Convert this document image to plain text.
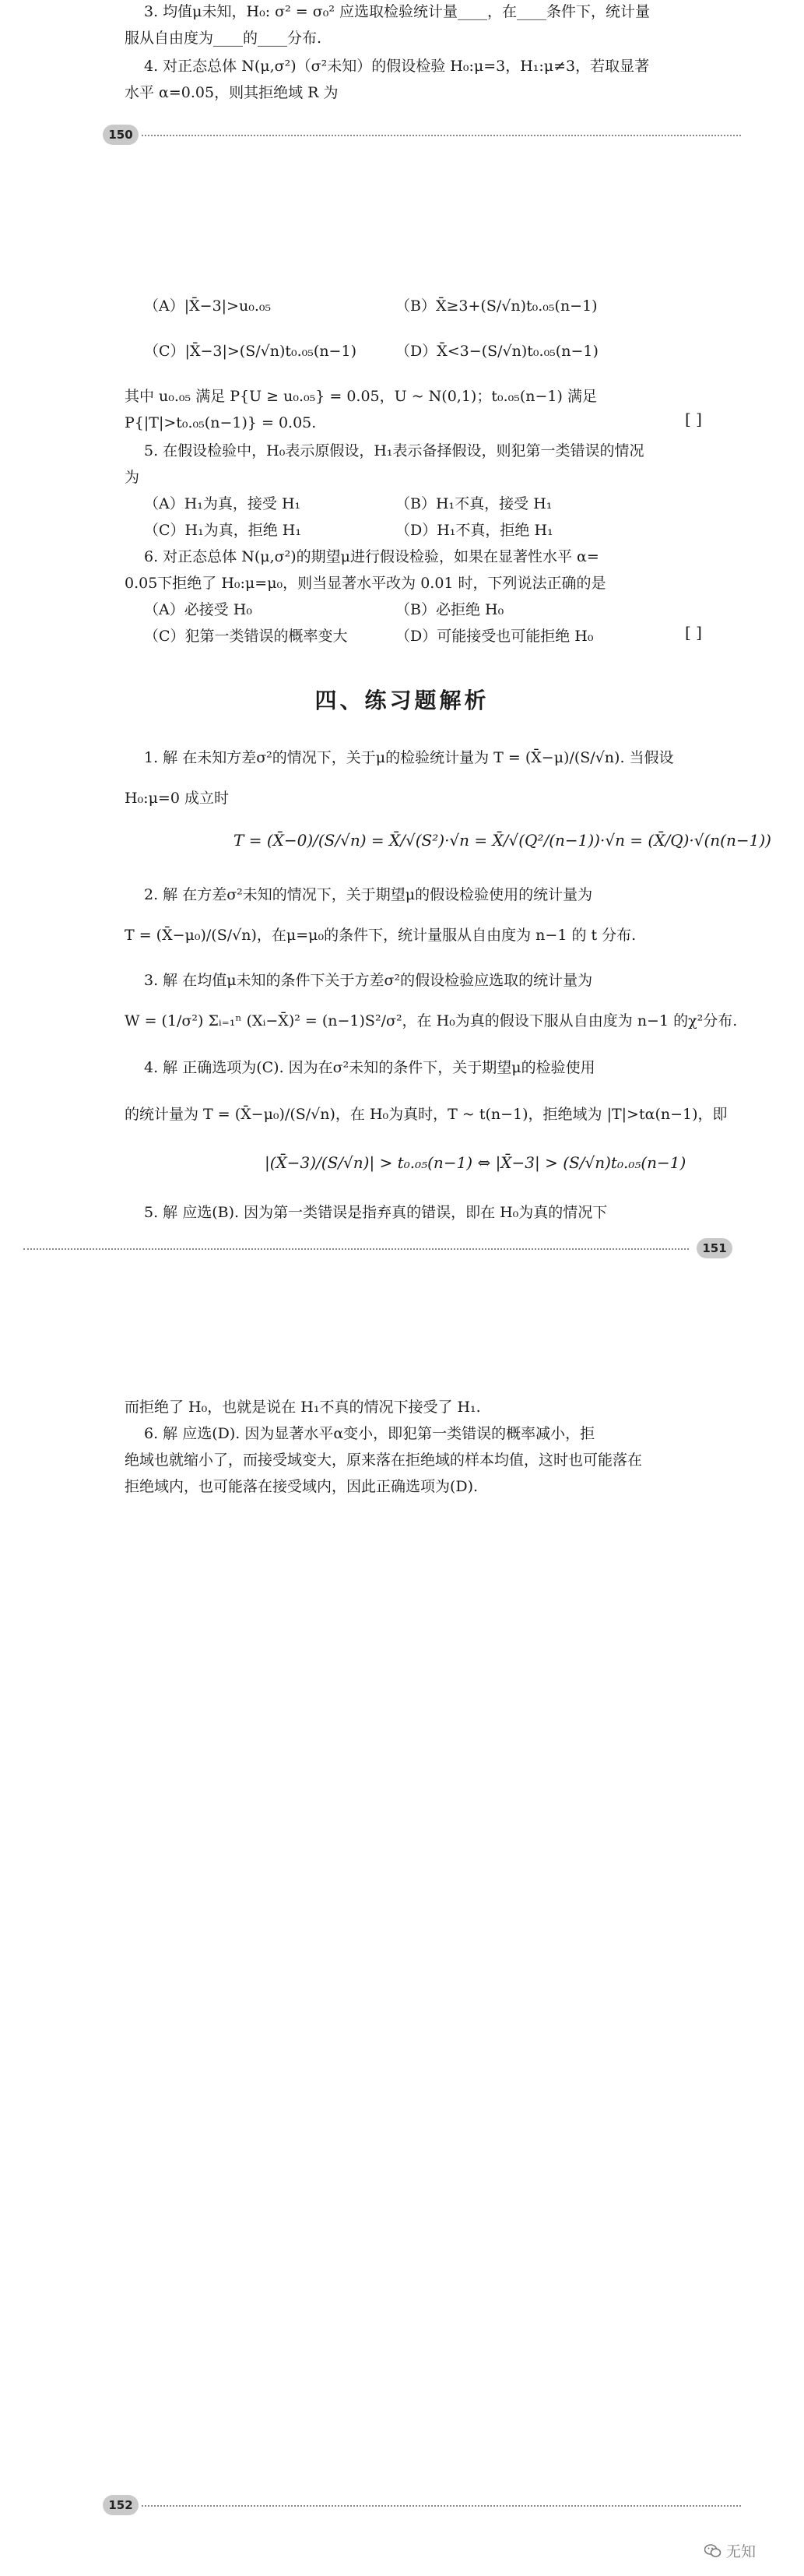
3. 均值μ未知，H₀: σ² = σ₀² 应选取检验统计量____，在____条件下，统计量
服从自由度为____的____分布.
4. 对正态总体 N(μ,σ²)（σ²未知）的假设检验 H₀:μ=3，H₁:μ≠3，若取显著
水平 α=0.05，则其拒绝域 R 为
150
（A）|X̄−3|>u₀.₀₅	（B）X̄≥3+(S/√n)t₀.₀₅(n−1)
（C）|X̄−3|>(S/√n)t₀.₀₅(n−1)	（D）X̄<3−(S/√n)t₀.₀₅(n−1)
其中 u₀.₀₅ 满足 P{U ≥ u₀.₀₅} = 0.05，U ~ N(0,1)；t₀.₀₅(n−1) 满足
P{|T|>t₀.₀₅(n−1)} = 0.05.	[ ]
5. 在假设检验中，H₀表示原假设，H₁表示备择假设，则犯第一类错误的情况
为
（A）H₁为真，接受 H₁	（B）H₁不真，接受 H₁
（C）H₁为真，拒绝 H₁	（D）H₁不真，拒绝 H₁
6. 对正态总体 N(μ,σ²)的期望μ进行假设检验，如果在显著性水平 α=
0.05下拒绝了 H₀:μ=μ₀，则当显著水平改为 0.01 时，下列说法正确的是
（A）必接受 H₀	（B）必拒绝 H₀
（C）犯第一类错误的概率变大	（D）可能接受也可能拒绝 H₀	[ ]
四、练习题解析
1. 解 在未知方差σ²的情况下，关于μ的检验统计量为 T = (X̄−μ)/(S/√n). 当假设
H₀:μ=0 成立时
T = (X̄−0)/(S/√n) = X̄/√(S²)·√n = X̄/√(Q²/(n−1))·√n = (X̄/Q)·√(n(n−1))
2. 解 在方差σ²未知的情况下，关于期望μ的假设检验使用的统计量为
T = (X̄−μ₀)/(S/√n)，在μ=μ₀的条件下，统计量服从自由度为 n−1 的 t 分布.
3. 解 在均值μ未知的条件下关于方差σ²的假设检验应选取的统计量为
W = (1/σ²) Σᵢ₌₁ⁿ (Xᵢ−X̄)² = (n−1)S²/σ²，在 H₀为真的假设下服从自由度为 n−1 的χ²分布.
4. 解 正确选项为(C). 因为在σ²未知的条件下，关于期望μ的检验使用
的统计量为 T = (X̄−μ₀)/(S/√n)，在 H₀为真时，T ~ t(n−1)，拒绝域为 |T|>tα(n−1)，即
|(X̄−3)/(S/√n)| > t₀.₀₅(n−1) ⇔ |X̄−3| > (S/√n)t₀.₀₅(n−1)
5. 解 应选(B). 因为第一类错误是指弃真的错误，即在 H₀为真的情况下
151
而拒绝了 H₀，也就是说在 H₁不真的情况下接受了 H₁.
6. 解 应选(D). 因为显著水平α变小，即犯第一类错误的概率减小，拒
绝域也就缩小了，而接受域变大，原来落在拒绝域的样本均值，这时也可能落在
拒绝域内，也可能落在接受域内，因此正确选项为(D).
152
无知
